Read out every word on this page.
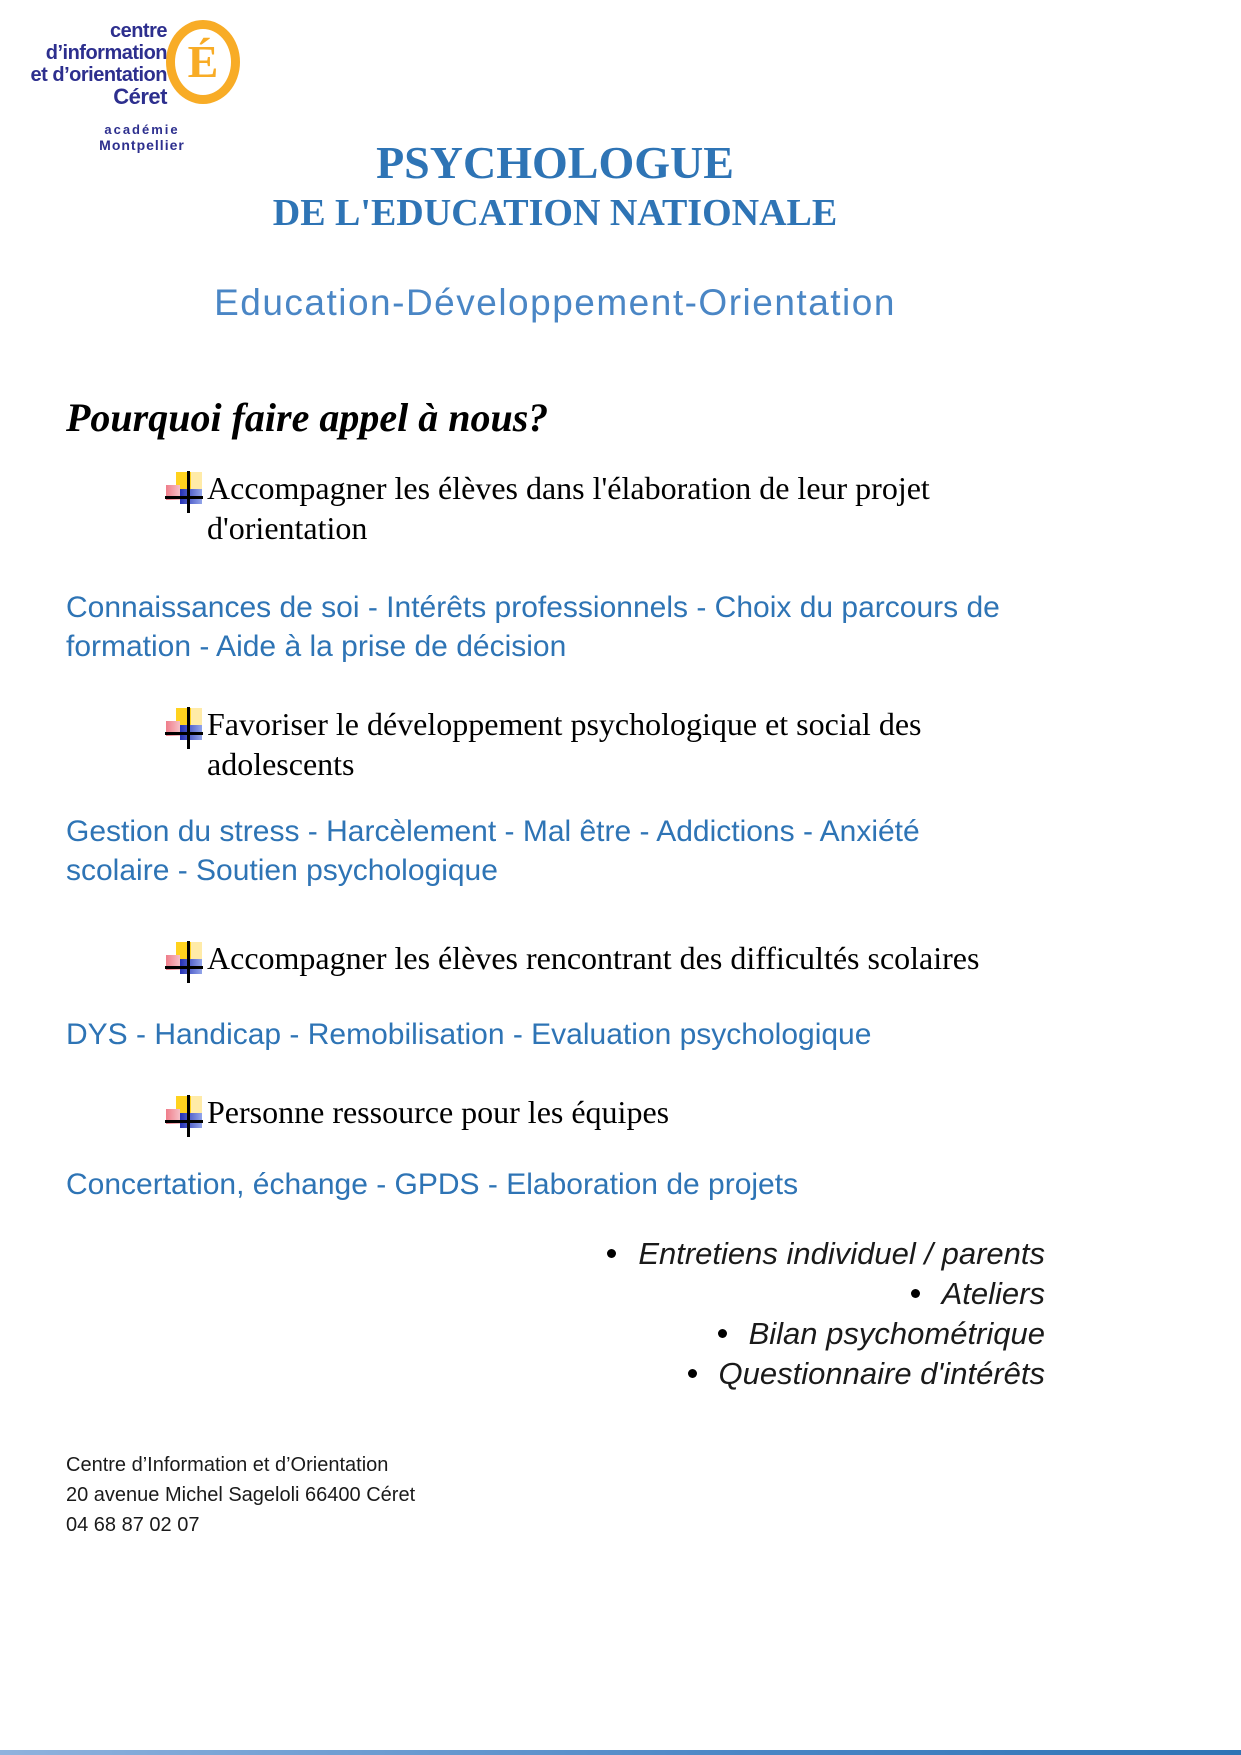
É
centre d’information
et d’orientation
Céret
académie
Montpellier	PSYCHOLOGUE
DE L'EDUCATION NATIONALE
Education-Développement-Orientation
Pourquoi faire appel à nous?
Accompagner les élèves dans l'élaboration de leur projet d'orientation
Connaissances de soi - Intérêts professionnels - Choix du parcours de formation - Aide à la prise de décision
Favoriser le développement psychologique et social des adolescents
Gestion du stress - Harcèlement - Mal être - Addictions - Anxiété scolaire - Soutien psychologique
Accompagner les élèves rencontrant des difficultés scolaires
DYS - Handicap - Remobilisation - Evaluation psychologique
Personne ressource pour les équipes
Concertation, échange - GPDS - Elaboration de projets
Entretiens individuel / parents
Ateliers
Bilan psychométrique
Questionnaire d'intérêts
Centre d’Information et d’Orientation
20 avenue Michel Sageloli 66400 Céret
04 68 87 02 07
